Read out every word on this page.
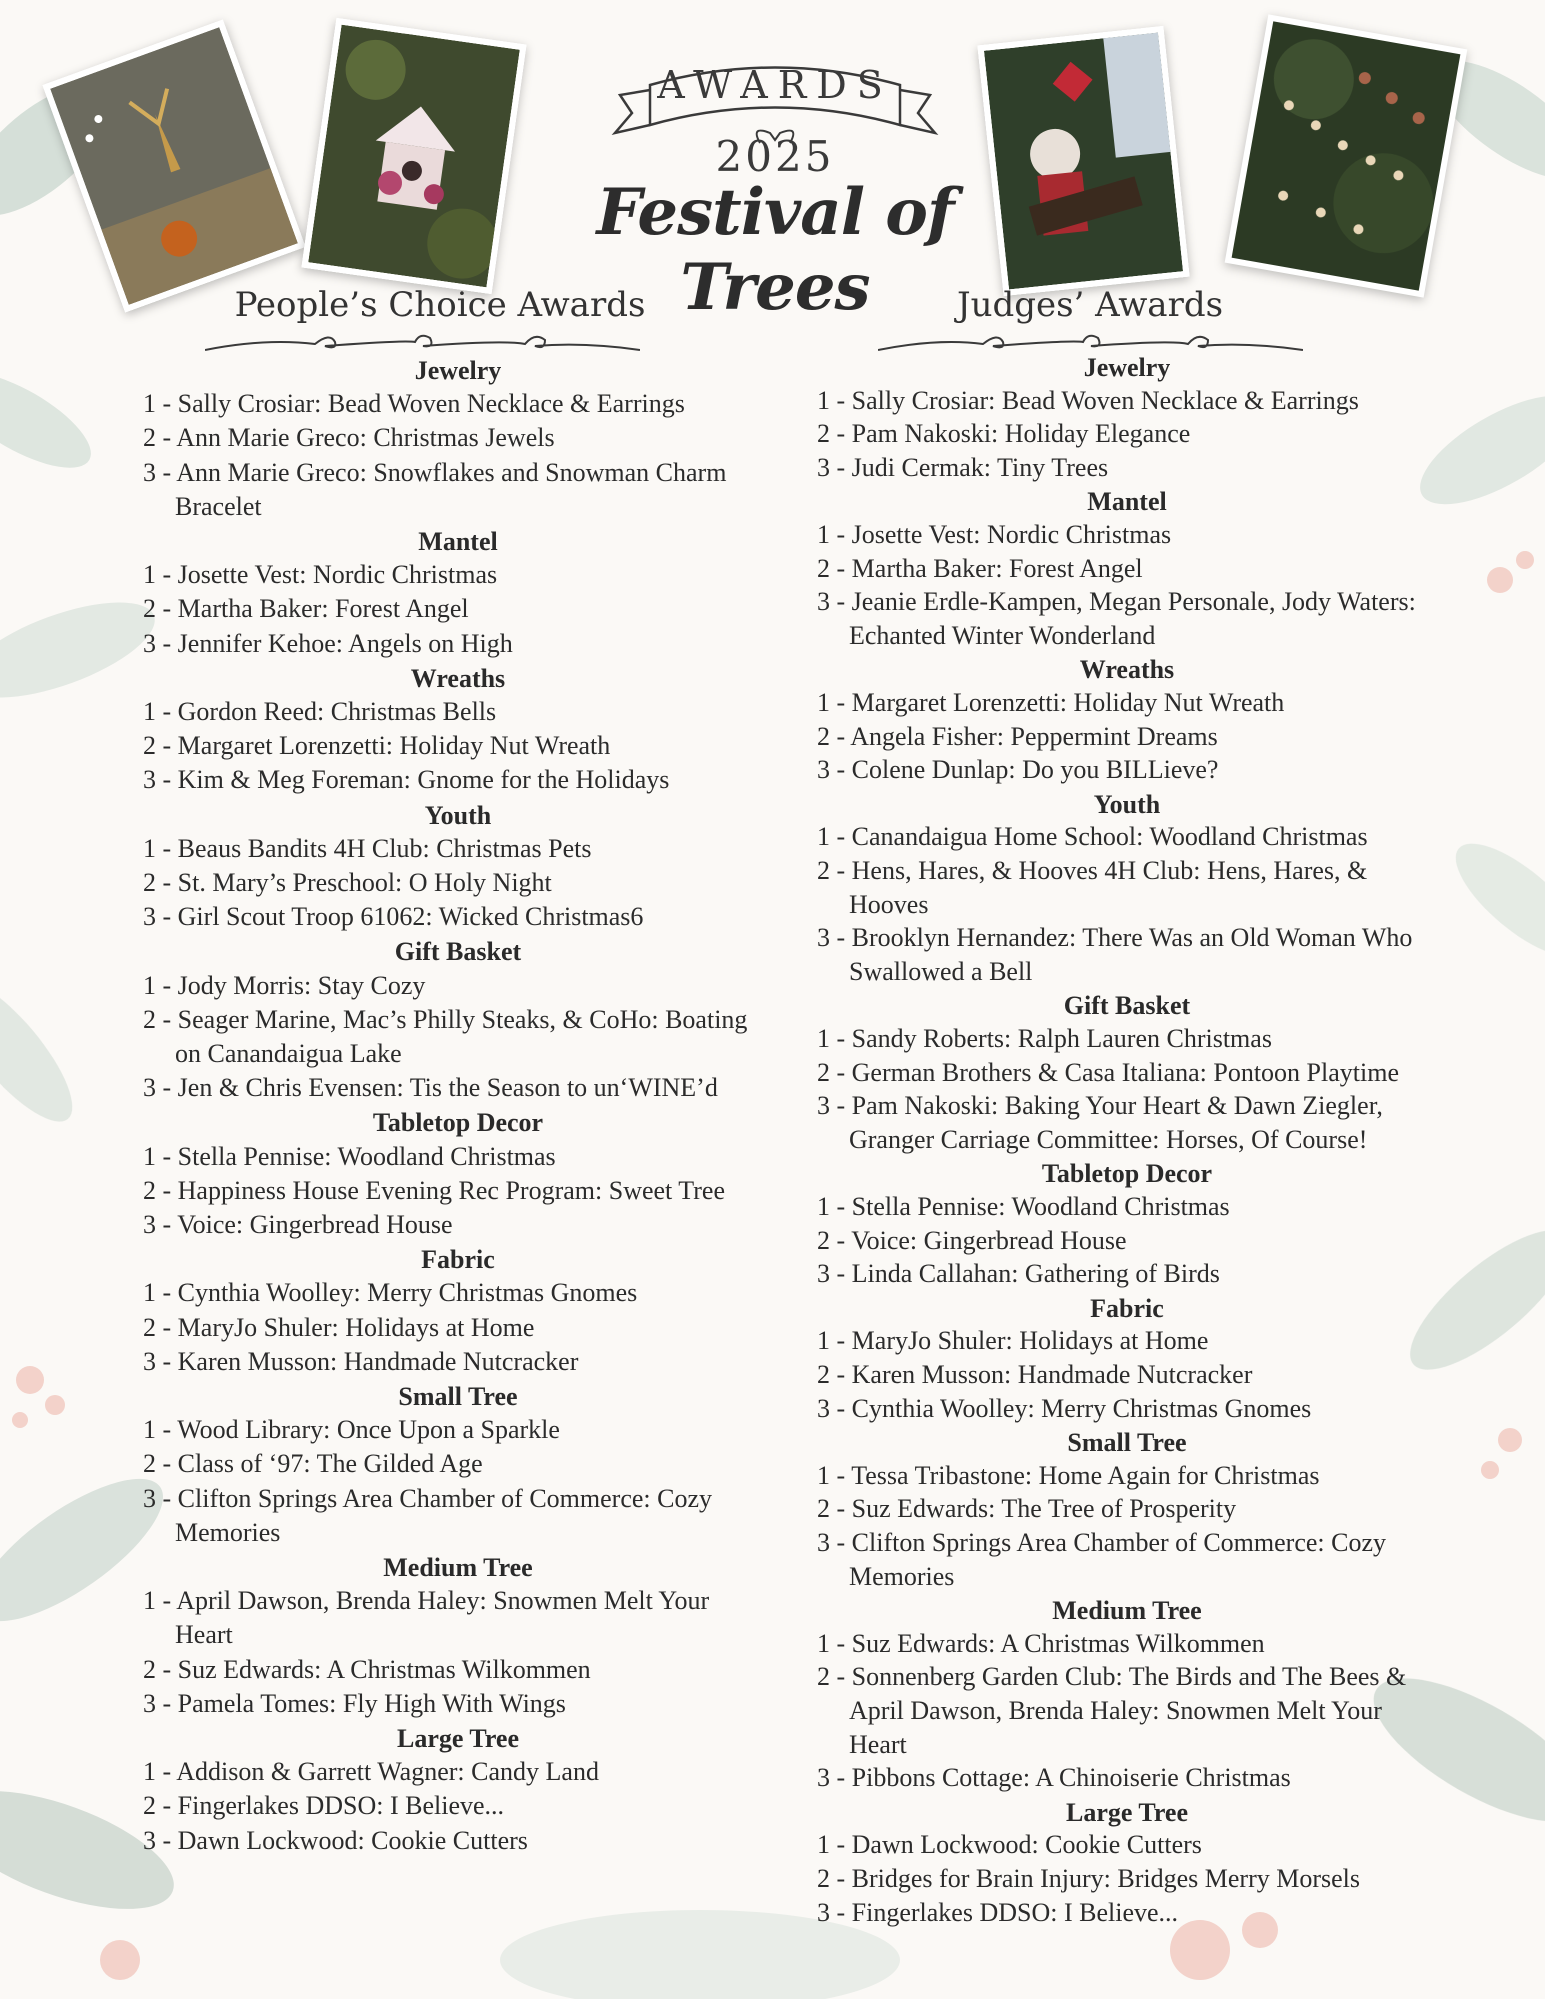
AWARDS
2025
Festival of Trees
People’s Choice Awards	Judges’ Awards
Jewelry
1 - Sally Crosiar: Bead Woven Necklace & Earrings
2 - Ann Marie Greco: Christmas Jewels
3 - Ann Marie Greco: Snowflakes and Snowman Charm
Bracelet
Mantel
1 - Josette Vest: Nordic Christmas
2 - Martha Baker: Forest Angel
3 - Jennifer Kehoe: Angels on High
Wreaths
1 - Gordon Reed: Christmas Bells
2 - Margaret Lorenzetti: Holiday Nut Wreath
3 - Kim & Meg Foreman: Gnome for the Holidays
Youth
1 - Beaus Bandits 4H Club: Christmas Pets
2 - St. Mary’s Preschool: O Holy Night
3 - Girl Scout Troop 61062: Wicked Christmas6
Gift Basket
1 - Jody Morris: Stay Cozy
2 - Seager Marine, Mac’s Philly Steaks, & CoHo: Boating
on Canandaigua Lake
3 - Jen & Chris Evensen: Tis the Season to un‘WINE’d
Tabletop Decor
1 - Stella Pennise: Woodland Christmas
2 - Happiness House Evening Rec Program: Sweet Tree
3 - Voice: Gingerbread House
Fabric
1 - Cynthia Woolley: Merry Christmas Gnomes
2 - MaryJo Shuler: Holidays at Home
3 - Karen Musson: Handmade Nutcracker
Small Tree
1 - Wood Library: Once Upon a Sparkle
2 - Class of ‘97: The Gilded Age
3 - Clifton Springs Area Chamber of Commerce: Cozy
Memories
Medium Tree
1 - April Dawson, Brenda Haley: Snowmen Melt Your
Heart
2 - Suz Edwards: A Christmas Wilkommen
3 - Pamela Tomes: Fly High With Wings
Large Tree
1 - Addison & Garrett Wagner: Candy Land
2 - Fingerlakes DDSO: I Believe...
3 - Dawn Lockwood: Cookie Cutters
Jewelry
1 - Sally Crosiar: Bead Woven Necklace & Earrings
2 - Pam Nakoski: Holiday Elegance
3 - Judi Cermak: Tiny Trees
Mantel
1 - Josette Vest: Nordic Christmas
2 - Martha Baker: Forest Angel
3 - Jeanie Erdle-Kampen, Megan Personale, Jody Waters:
Echanted Winter Wonderland
Wreaths
1 - Margaret Lorenzetti: Holiday Nut Wreath
2 - Angela Fisher: Peppermint Dreams
3 - Colene Dunlap: Do you BILLieve?
Youth
1 - Canandaigua Home School: Woodland Christmas
2 - Hens, Hares, & Hooves 4H Club: Hens, Hares, &
Hooves
3 - Brooklyn Hernandez: There Was an Old Woman Who
Swallowed a Bell
Gift Basket
1 - Sandy Roberts: Ralph Lauren Christmas
2 - German Brothers & Casa Italiana: Pontoon Playtime
3 - Pam Nakoski: Baking Your Heart & Dawn Ziegler,
Granger Carriage Committee: Horses, Of Course!
Tabletop Decor
1 - Stella Pennise: Woodland Christmas
2 - Voice: Gingerbread House
3 - Linda Callahan: Gathering of Birds
Fabric
1 - MaryJo Shuler: Holidays at Home
2 - Karen Musson: Handmade Nutcracker
3 - Cynthia Woolley: Merry Christmas Gnomes
Small Tree
1 - Tessa Tribastone: Home Again for Christmas
2 - Suz Edwards: The Tree of Prosperity
3 - Clifton Springs Area Chamber of Commerce: Cozy
Memories
Medium Tree
1 - Suz Edwards: A Christmas Wilkommen
2 - Sonnenberg Garden Club: The Birds and The Bees &
April Dawson, Brenda Haley: Snowmen Melt Your
Heart
3 - Pibbons Cottage: A Chinoiserie Christmas
Large Tree
1 - Dawn Lockwood: Cookie Cutters
2 - Bridges for Brain Injury: Bridges Merry Morsels
3 - Fingerlakes DDSO: I Believe...
